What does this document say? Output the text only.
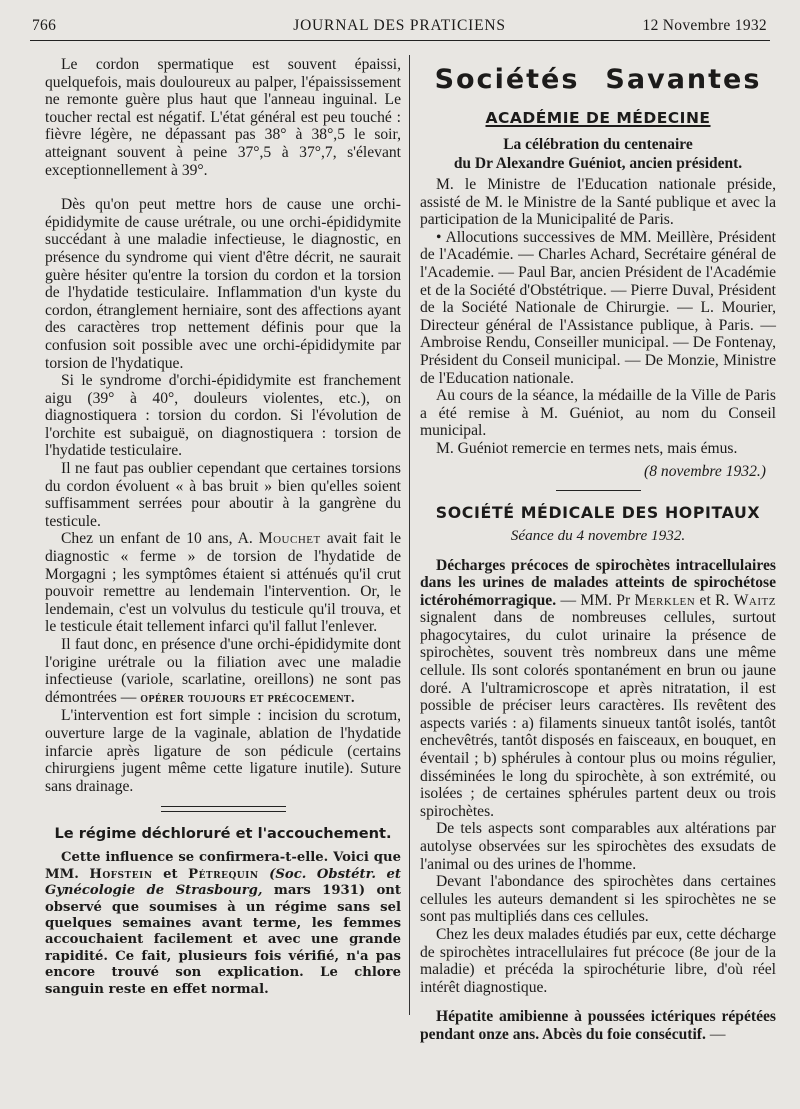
766	JOURNAL DES PRATICIENS	12 Novembre 1932

Le cordon spermatique est souvent épaissi, quelquefois, mais douloureux au palper, l'épaississement ne remonte guère plus haut que l'anneau inguinal. Le toucher rectal est négatif. L'état général est peu touché : fièvre légère, ne dépassant pas 38° à 38°,5 le soir, atteignant souvent à peine 37°,5 à 37°,7, s'élevant exceptionnellement à 39°.

Dès qu'on peut mettre hors de cause une orchi-épididymite de cause urétrale, ou une orchi-épididymite succédant à une maladie infectieuse, le diagnostic, en présence du syndrome qui vient d'être décrit, ne saurait guère hésiter qu'entre la torsion du cordon et la torsion de l'hydatide testiculaire. Inflammation d'un kyste du cordon, étranglement herniaire, sont des affections ayant des caractères trop nettement définis pour que la confusion soit possible avec une orchi-épididymite par torsion de l'hydatique.

Si le syndrome d'orchi-épididymite est franchement aigu (39° à 40°, douleurs violentes, etc.), on diagnostiquera : torsion du cordon. Si l'évolution de l'orchite est subaiguë, on diagnostiquera : torsion de l'hydatide testiculaire.

Il ne faut pas oublier cependant que certaines torsions du cordon évoluent « à bas bruit » bien qu'elles soient suffisamment serrées pour aboutir à la gangrène du testicule.

Chez un enfant de 10 ans, A. Mouchet avait fait le diagnostic « ferme » de torsion de l'hydatide de Morgagni ; les symptômes étaient si atténués qu'il crut pouvoir remettre au lendemain l'intervention. Or, le lendemain, c'est un volvulus du testicule qu'il trouva, et le testicule était tellement infarci qu'il fallut l'enlever.

Il faut donc, en présence d'une orchi-épididymite dont l'origine urétrale ou la filiation avec une maladie infectieuse (variole, scarlatine, oreillons) ne sont pas démontrées — opérer toujours et précocement.

L'intervention est fort simple : incision du scrotum, ouverture large de la vaginale, ablation de l'hydatide infarcie après ligature de son pédicule (certains chirurgiens jugent même cette ligature inutile). Suture sans drainage.

Le régime déchloruré et l'accouchement.

Cette influence se confirmera-t-elle. Voici que MM. Hofstein et Pétrequin (Soc. Obstétr. et Gynécologie de Strasbourg, mars 1931) ont observé que soumises à un régime sans sel quelques semaines avant terme, les femmes accouchaient facilement et avec une grande rapidité. Ce fait, plusieurs fois vérifié, n'a pas encore trouvé son explication. Le chlore sanguin reste en effet normal.

Sociétés Savantes
ACADÉMIE DE MÉDECINE
La célébration du centenaire
du Dr Alexandre Guéniot, ancien président.

M. le Ministre de l'Education nationale préside, assisté de M. le Ministre de la Santé publique et avec la participation de la Municipalité de Paris.

• Allocutions successives de MM. Meillère, Président de l'Académie. — Charles Achard, Secrétaire général de l'Academie. — Paul Bar, ancien Président de l'Académie et de la Société d'Obstétrique. — Pierre Duval, Président de la Société Nationale de Chirurgie. — L. Mourier, Directeur général de l'Assistance publique, à Paris. — Ambroise Rendu, Conseiller municipal. — De Fontenay, Président du Conseil municipal. — De Monzie, Ministre de l'Education nationale.

Au cours de la séance, la médaille de la Ville de Paris a été remise à M. Guéniot, au nom du Conseil municipal.

M. Guéniot remercie en termes nets, mais émus.

(8 novembre 1932.)
SOCIÉTÉ MÉDICALE DES HOPITAUX
Séance du 4 novembre 1932.

Décharges précoces de spirochètes intracellulaires dans les urines de malades atteints de spirochétose ictérohémorragique. — MM. Pr Merklen et R. Waitz signalent dans de nombreuses cellules, surtout phagocytaires, du culot urinaire la présence de spirochètes, souvent très nombreux dans une même cellule. Ils sont colorés spontanément en brun ou jaune doré. A l'ultramicroscope et après nitratation, il est possible de préciser leurs caractères. Ils revêtent des aspects variés : a) filaments sinueux tantôt isolés, tantôt enchevêtrés, tantôt disposés en faisceaux, en bouquet, en éventail ; b) sphérules à contour plus ou moins régulier, disséminées le long du spirochète, à son extrémité, ou isolées ; de certaines sphérules partent deux ou trois spirochètes.

De tels aspects sont comparables aux altérations par autolyse observées sur les spirochètes des exsudats de l'animal ou des urines de l'homme.

Devant l'abondance des spirochètes dans certaines cellules les auteurs demandent si les spirochètes ne se sont pas multipliés dans ces cellules.

Chez les deux malades étudiés par eux, cette décharge de spirochètes intracellulaires fut précoce (8e jour de la maladie) et précéda la spirochéturie libre, d'où réel intérêt diagnostique.

Hépatite amibienne à poussées ictériques répétées pendant onze ans. Abcès du foie consécutif. —
